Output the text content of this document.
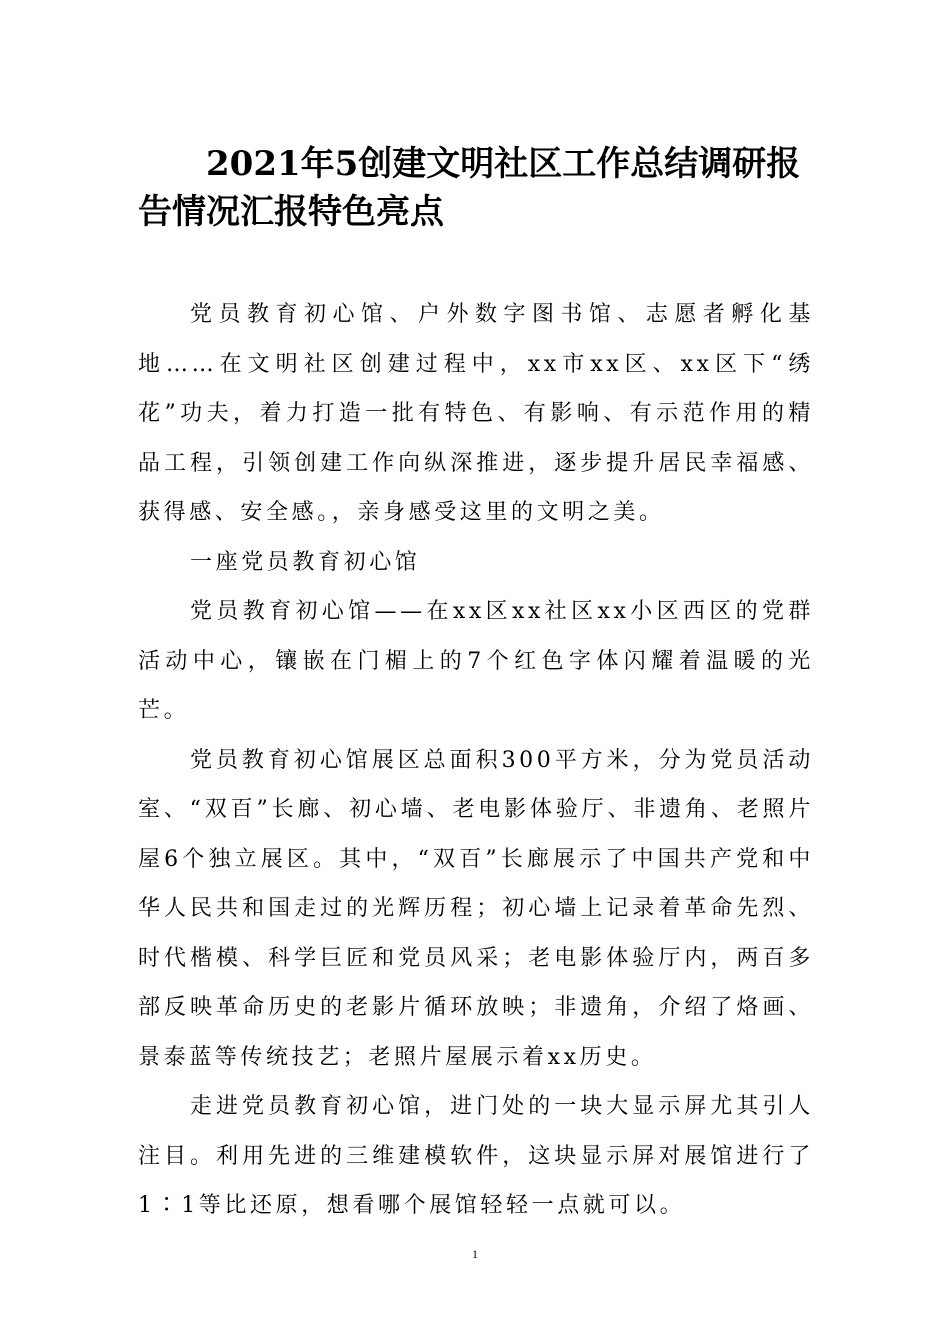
2021年5创建文明社区工作总结调研报告情况汇报特色亮点

党员教育初心馆、户外数字图书馆、志愿者孵化基地……在文明社区创建过程中，xx市xx区、xx区下“绣花”功夫，着力打造一批有特色、有影响、有示范作用的精品工程，引领创建工作向纵深推进，逐步提升居民幸福感、获得感、安全感。，亲身感受这里的文明之美。

一座党员教育初心馆

党员教育初心馆——在xx区xx社区xx小区西区的党群活动中心，镶嵌在门楣上的7个红色字体闪耀着温暖的光芒。

党员教育初心馆展区总面积300平方米，分为党员活动室、“双百”长廊、初心墙、老电影体验厅、非遗角、老照片屋6个独立展区。其中，“双百”长廊展示了中国共产党和中华人民共和国走过的光辉历程；初心墙上记录着革命先烈、时代楷模、科学巨匠和党员风采；老电影体验厅内，两百多部反映革命历史的老影片循环放映；非遗角，介绍了烙画、景泰蓝等传统技艺；老照片屋展示着xx历史。

走进党员教育初心馆，进门处的一块大显示屏尤其引人注目。利用先进的三维建模软件，这块显示屏对展馆进行了1∶1等比还原，想看哪个展馆轻轻一点就可以。

1
